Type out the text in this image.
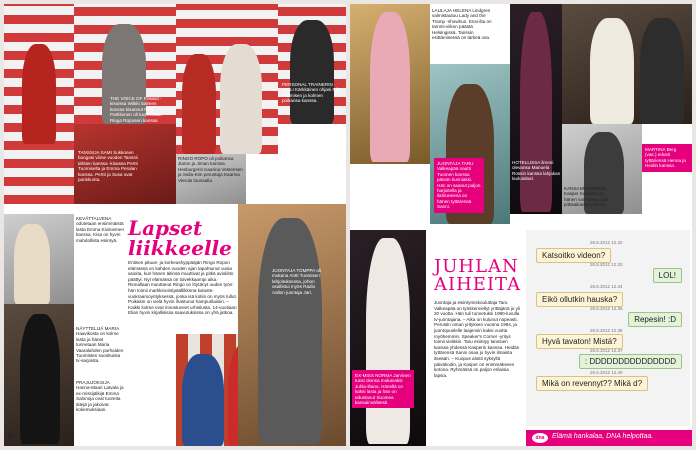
THE VOICE OF Finland -kisoissa Wiikki Salmen kanssa kisannut Pete Parkkonen oli tuoreeltaan Ringo Roposen kanssa
PERSONAL TRAINERIN SOILI Kärkkäinen ohjasi Riku Tuomisen ja kolmen poikansa kanssa.
TANSSIJA SAMI Sukkonen boogasi viime vuoden Tanssii tähtien kanssa -kisassa Pertti Tuomiselta ja Emma Peralan kanssa. Pertti ja Susa ovat pariskunta.
RINGO ROPO oli poikansa Jiaron ja Jiman kanssa. Hesburgerin Kaarina Vesterisen ja Salla-Kim perustaja Kaarina Vierula lounaalla.
KEVÄTTALVENA odotetaan ensimmäistä lasta Emma Kiviniemen kanssa. Kisa on hyvin mahdollista esiintyä.
Lapset
liikkeelle
Entisen pituus- ja korkeushyppääjän Ringo Ropon elämässä on kahden vuoden ajan tapahtunut uusia asioita, kun hänen äitinsä muuttivat ja pitkä avioliitto päättyi. Nyt elämässä on toivekkaampi aika. Rinnallaan muuttanut Ringo on löytänyt uuden työn: hän toimii markkinointipäällikkönä kaluste-vuokraamoyrityksessä, jonka isä kotiin on myös tullut. Poikakin on vielä hyvin ihastunut hampurilaisiin. – Kaikki kolme ovat innostuneet urheilusta. 14-vuotiaan Elian hyvin kirjallisissa saavutuksissa on yhä jatkoa.
NÄYTTELIJÄ MARIA Haavikosta on kolme lasta ja hänet tunnetaan Maria Vaaralahden parhaiden Tuomisten suosituista tv-sarjoista.
PRAJUJOKSIJA Hanna-Maari Latvala ja ex-missijälkijä Emma Salonoja ovat tuoreita äitejä ja jakoivat kokemuksiaan.
JUONTAJA TOMPPA oli mukana Antti Tuomisen lahjoituksessa, johon osallistui myös Radio Aallon juontaja Jari.
80
LAULAJA HELENA Lindgren valmistautuu Lady and the Tramp -showhun. Ensi-ilta on tammi-viikon päästä Helsingissä. Tanssin esittämisessä on tärkeä osa.
JUONTAJA TARU Valkeapää nautti Tuomen kanssa päivän kunniaksi. Hän on saanut paljon harjoitella ja ilahtuneena on hänen tyttärensä Sanni.
HOTELLISSA ilmeni olevansa Manuela Rossin kanssa lahjakas laulutaituri.
KANSANMUSIIKKO Kasper Kaurinen ja hänen vaimonsa ovat pitkäaikaisia ystäviä.
MARTINA Berg (vas.) edusti tyttäriensä Henna ja Heidin kanssa.
EX-MISS NORMA Jarvinen tunsi olonsa mukavaksi Juhla-iltana. Hänellä on kaksi lasta ja hän on edustanut Suomea kansainvälisesti.
JUHLAN
AIHEITA
Juontaja ja esiintymiskouluttaja Taru Valkeapää on työskennellyt yrittäjänä jo yli 20 vuotta. Hän tuli tunnetuksi 1990-luvulla tv-juontajana. – Aika on kulunut nopeasti. Perustin oman yrityksen vuonna 1994, ja juontopuolelle laajensin kaksi vuotta myöhemmin. Speaker's Corner -yritys toimii vieläkin. Taru esiintyy tanssien kanssa yhdessä Kasperin kanssa. Heidän tyttärensä Sanni osaa jo hyvin ilmaista itseään. – Kuopus aloitti syksyllä päiväkodin, ja Kasper on enimmäkseen kotona. Ryhmässä on paljon erilaisia lapsia.
26.8.2012 12.32
Katsoitko videon?
26.8.2012 12.33
LOL!
26.8.2012 12.34
Eikö ollutkin hauska?
26.8.2012 12.35
Repesin! :D
26.8.2012 12.36
Hyvä tavaton! Mistä?
26.8.2012 12.37
: DDDDDDDDDDDDDDD
26.8.2012 12.40
Mikä on revennyt?? Mikä d?
dna	Elämä hankalaa, DNA helpottaa.
